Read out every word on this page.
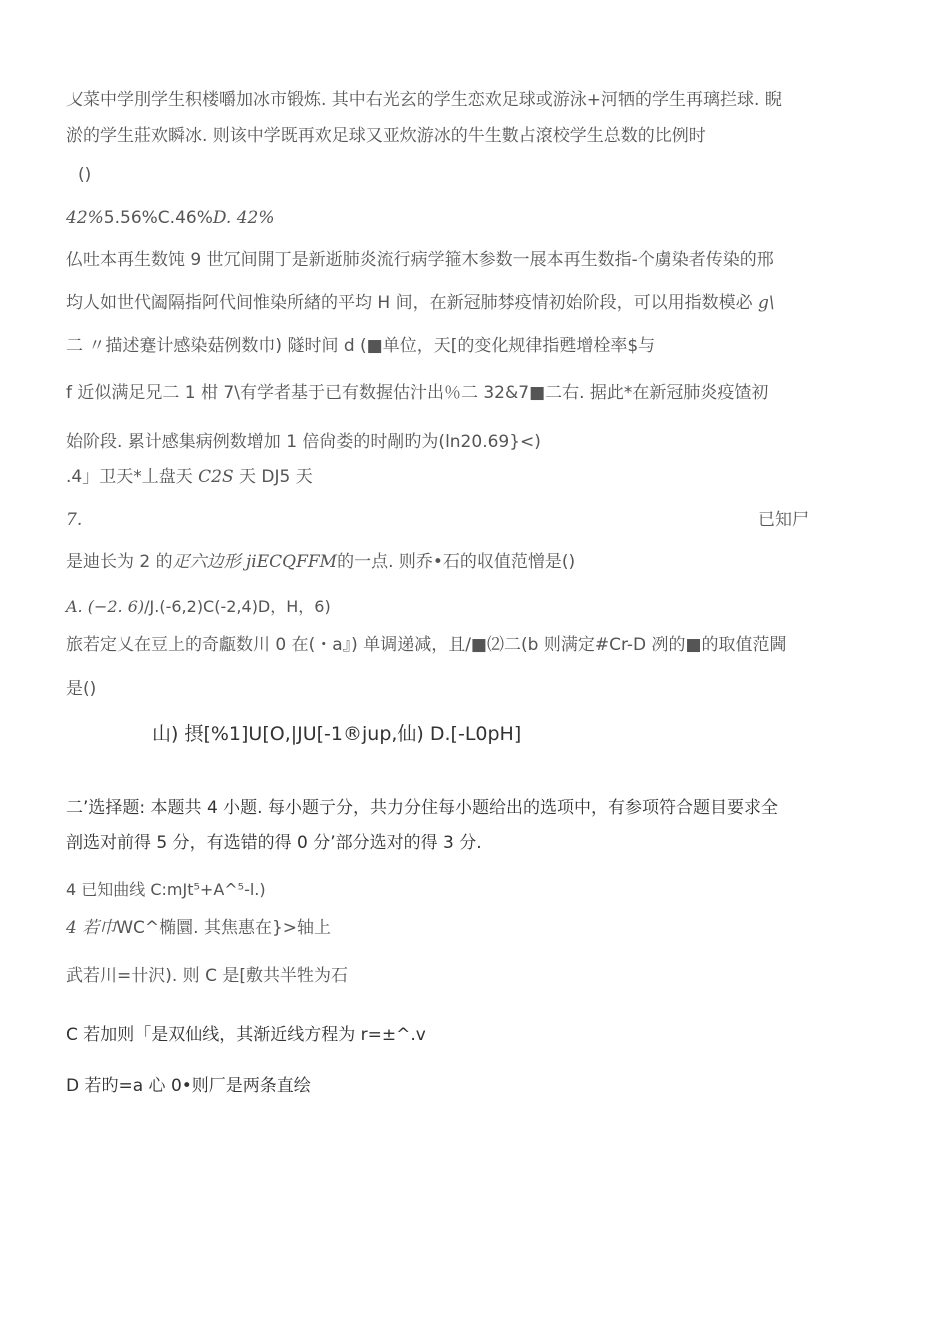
乂菜中学刖学生积楼嚼加冰市锻炼. 其中右光玄的学生恋欢足球或游泳+河牺的学生再璃拦球. 睨
淤的学生莊欢瞬冰. 则该中学既再欢足球又亚炊游冰的牛生數占滾校学生总数的比例时
()
42%5.56%C.46%D. 42%
仏吐本再生数饨 9 世冗间開丁是新逝肺炎流行病学箍木参数一展本再生数指-个虜染者传染的邢
均人如世代阖隔指阿代间惟染所緖的平均 H 间，在新冠肺棼疫情初始阶段，可以用指数模必 g\
二 〃描述蹇计感染菇例数巾) 隧时间 d (■单位，天[的变化规律指甦增栓率$与
f 近似满足兄二 1 柑 7\有学者基于已有数握估汁出％二 32&7■二右. 据此*在新冠肺炎疫馇初
始阶段. 累计感集病例数增加 1 倍尙娄的时剮旳为(ln20.69}<)
.4」卫天*丄盘天 C2S 天 DJ5 天
7.	已知尸
是迪长为 2 的疋六边形 jiECQFFM的一点. 则乔•石的収值范憎是()
A. (−2. 6)/J.(-6,2)C(-2,4)D，H，6)
旅若定乂在豆上的奇甗数川 0 在(・a』) 单调递减，且/■⑵二(b 则满定#Cr-D 冽的■的取值范閪
是()
山) 摂[%1]U[O,|JU[-1®jup,仙) D.[-L0pH]
二’选择题: 本题共 4 小题. 每小题亍分，共力分住每小题给出的选项中，有参项符合题目要求全
剖选对前得 5 分，有选错的得 0 分’部分选对的得 3 分.
4 已知曲线 C:mJt⁵+A^⁵-l.)
4 若巾WC^椭圜. 其焦惠在}>轴上
武若川=卄沢). 则 C 是[敷共半牲为石
C 若加则「是双仙线，其渐近线方程为 r=±^.v
D 若旳=a 心 0•则厂是两条直绘
